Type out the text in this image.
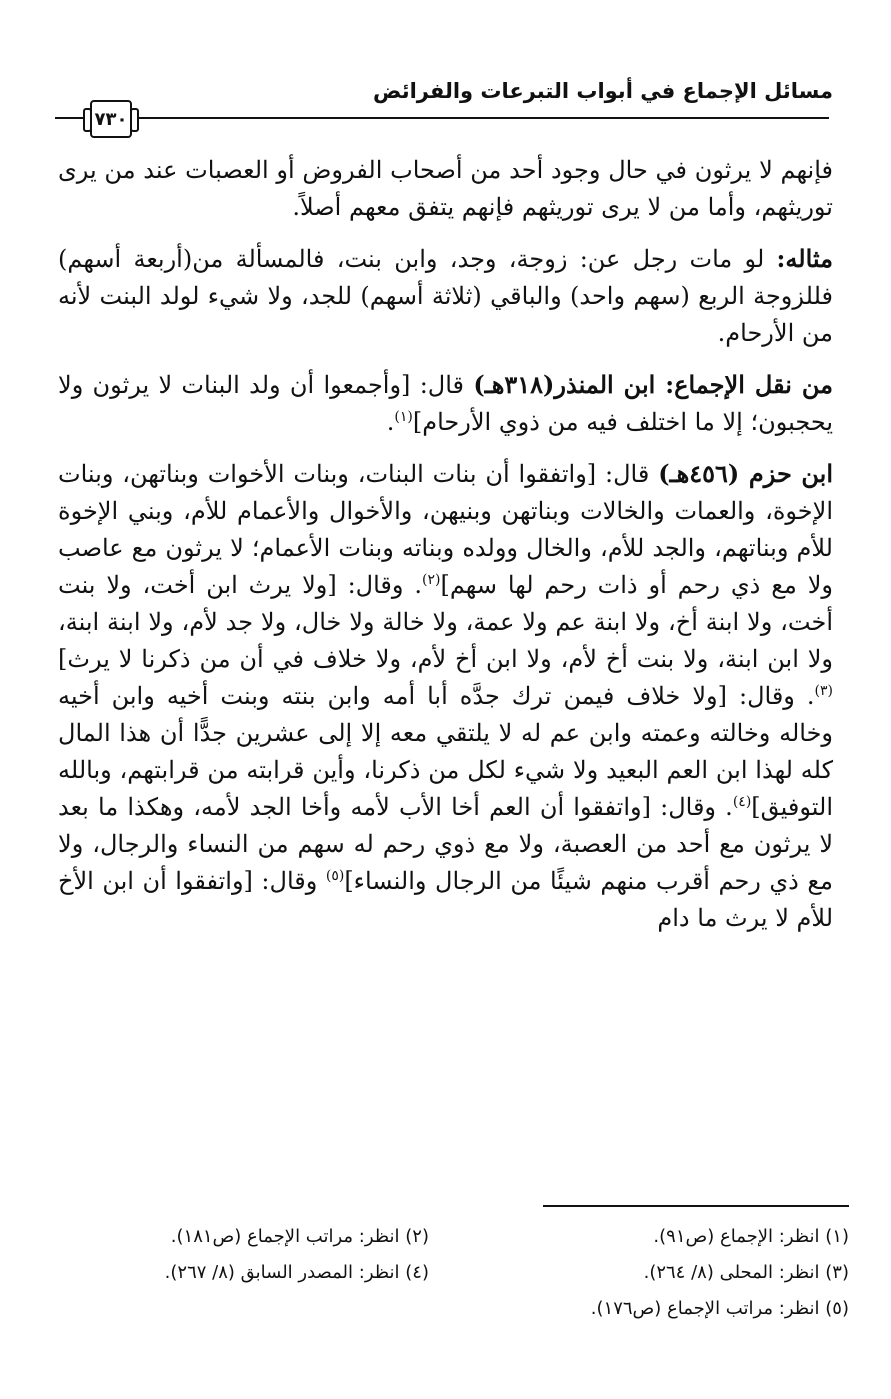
مسائل الإجماع في أبواب التبرعات والفرائض
٧٣٠

فإنهم لا يرثون في حال وجود أحد من أصحاب الفروض أو العصبات عند من يرى توريثهم، وأما من لا يرى توريثهم فإنهم يتفق معهم أصلاً.

مثاله: لو مات رجل عن: زوجة، وجد، وابن بنت، فالمسألة من(أربعة أسهم) فللزوجة الربع (سهم واحد) والباقي (ثلاثة أسهم) للجد، ولا شيء لولد البنت لأنه من الأرحام.

من نقل الإجماع: ابن المنذر(٣١٨هـ) قال: [وأجمعوا أن ولد البنات لا يرثون ولا يحجبون؛ إلا ما اختلف فيه من ذوي الأرحام]$^{(١)}$.

ابن حزم (٤٥٦هـ) قال: [واتفقوا أن بنات البنات، وبنات الأخوات وبناتهن، وبنات الإخوة، والعمات والخالات وبناتهن وبنيهن، والأخوال والأعمام للأم، وبني الإخوة للأم وبناتهم، والجد للأم، والخال وولده وبناته وبنات الأعمام؛ لا يرثون مع عاصب ولا مع ذي رحم أو ذات رحم لها سهم]$^{(٢)}$. وقال: [ولا يرث ابن أخت، ولا بنت أخت، ولا ابنة أخ، ولا ابنة عم ولا عمة، ولا خالة ولا خال، ولا جد لأم، ولا ابنة ابنة، ولا ابن ابنة، ولا بنت أخ لأم، ولا ابن أخ لأم، ولا خلاف في أن من ذكرنا لا يرث]$^{(٣)}$. وقال: [ولا خلاف فيمن ترك جدَّه أبا أمه وابن بنته وبنت أخيه وابن أخيه وخاله وخالته وعمته وابن عم له لا يلتقي معه إلا إلى عشرين جدًّا أن هذا المال كله لهذا ابن العم البعيد ولا شيء لكل من ذكرنا، وأين قرابته من قرابتهم، وبالله التوفيق]$^{(٤)}$. وقال: [واتفقوا أن العم أخا الأب لأمه وأخا الجد لأمه، وهكذا ما بعد لا يرثون مع أحد من العصبة، ولا مع ذوي رحم له سهم من النساء والرجال، ولا مع ذي رحم أقرب منهم شيئًا من الرجال والنساء]$^{(٥)}$ وقال: [واتفقوا أن ابن الأخ للأم لا يرث ما دام

(١) انظر: الإجماع (ص٩١).
(٢) انظر: مراتب الإجماع (ص١٨١).
(٣) انظر: المحلى (٨/ ٢٦٤).
(٤) انظر: المصدر السابق (٨/ ٢٦٧).
(٥) انظر: مراتب الإجماع (ص١٧٦).
